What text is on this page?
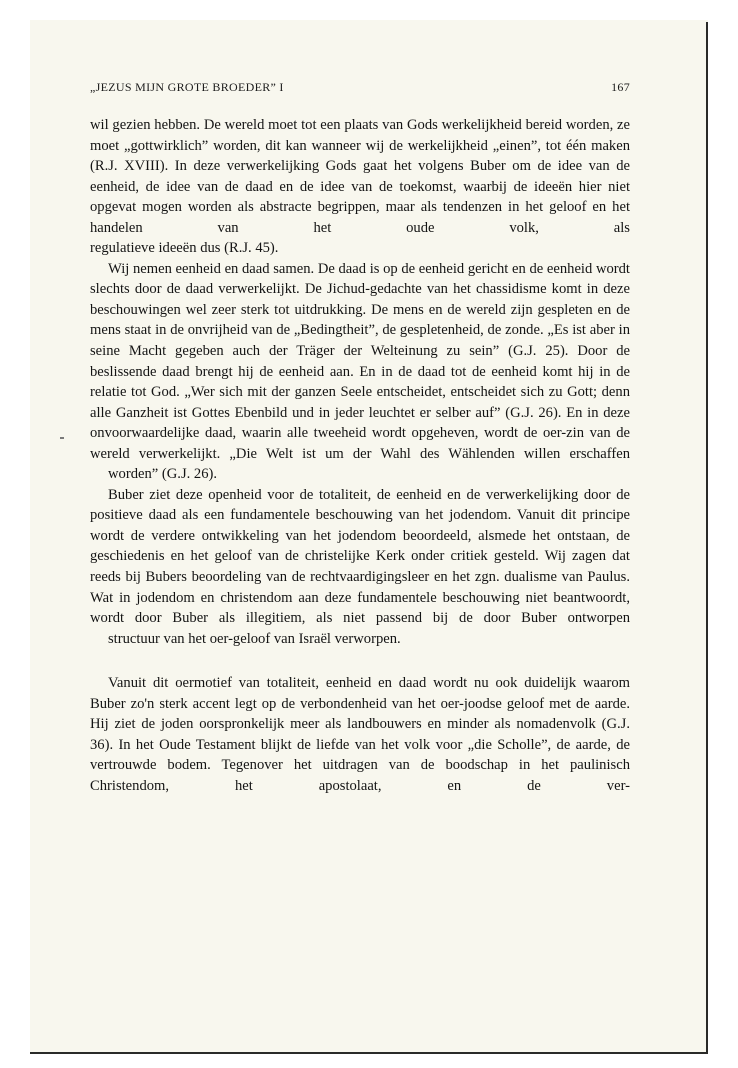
„JEZUS MIJN GROTE BROEDER” I	167

wil gezien hebben. De wereld moet tot een plaats van Gods werkelijkheid bereid worden, ze moet „gottwirklich” worden, dit kan wanneer wij de werkelijkheid „einen”, tot één maken (R.J. XVIII). In deze verwerkelijking Gods gaat het volgens Buber om de idee van de eenheid, de idee van de daad en de idee van de toekomst, waarbij de ideeën hier niet opgevat mogen worden als abstracte begrippen, maar als tendenzen in het geloof en het handelen van het oude volk, als
regulatieve ideeën dus (R.J. 45).

Wij nemen eenheid en daad samen. De daad is op de eenheid gericht en de eenheid wordt slechts door de daad verwerkelijkt. De Jichud-gedachte van het chassidisme komt in deze beschouwingen wel zeer sterk tot uitdrukking. De mens en de wereld zijn gespleten en de mens staat in de onvrijheid van de „Bedingtheit”, de gespletenheid, de zonde. „Es ist aber in seine Macht gegeben auch der Träger der Welteinung zu sein” (G.J. 25). Door de beslissende daad brengt hij de eenheid aan. En in de daad tot de eenheid komt hij in de relatie tot God. „Wer sich mit der ganzen Seele entscheidet, entscheidet sich zu Gott; denn alle Ganzheit ist Gottes Ebenbild und in jeder leuchtet er selber auf” (G.J. 26). En in deze onvoorwaardelijke daad, waarin alle tweeheid wordt opgeheven, wordt de oer-zin van de wereld verwerkelijkt. „Die Welt ist um der Wahl des Wählenden willen erschaffen
worden” (G.J. 26).

Buber ziet deze openheid voor de totaliteit, de eenheid en de verwerkelijking door de positieve daad als een fundamentele beschouwing van het jodendom. Vanuit dit principe wordt de verdere ontwikkeling van het jodendom beoordeeld, alsmede het ontstaan, de geschiedenis en het geloof van de christelijke Kerk onder critiek gesteld. Wij zagen dat reeds bij Bubers beoordeling van de rechtvaardigingsleer en het zgn. dualisme van Paulus. Wat in jodendom en christendom aan deze fundamentele beschouwing niet beantwoordt, wordt door Buber als illegitiem, als niet passend bij de door Buber ontworpen
structuur van het oer-geloof van Israël verworpen.

Vanuit dit oermotief van totaliteit, eenheid en daad wordt nu ook duidelijk waarom Buber zo'n sterk accent legt op de verbondenheid van het oer-joodse geloof met de aarde. Hij ziet de joden oorspronkelijk meer als landbouwers en minder als nomadenvolk (G.J. 36). In het Oude Testament blijkt de liefde van het volk voor „die Scholle”, de aarde, de vertrouwde bodem. Tegenover het uitdragen van de boodschap in het paulinisch Christendom, het apostolaat, en de ver-
